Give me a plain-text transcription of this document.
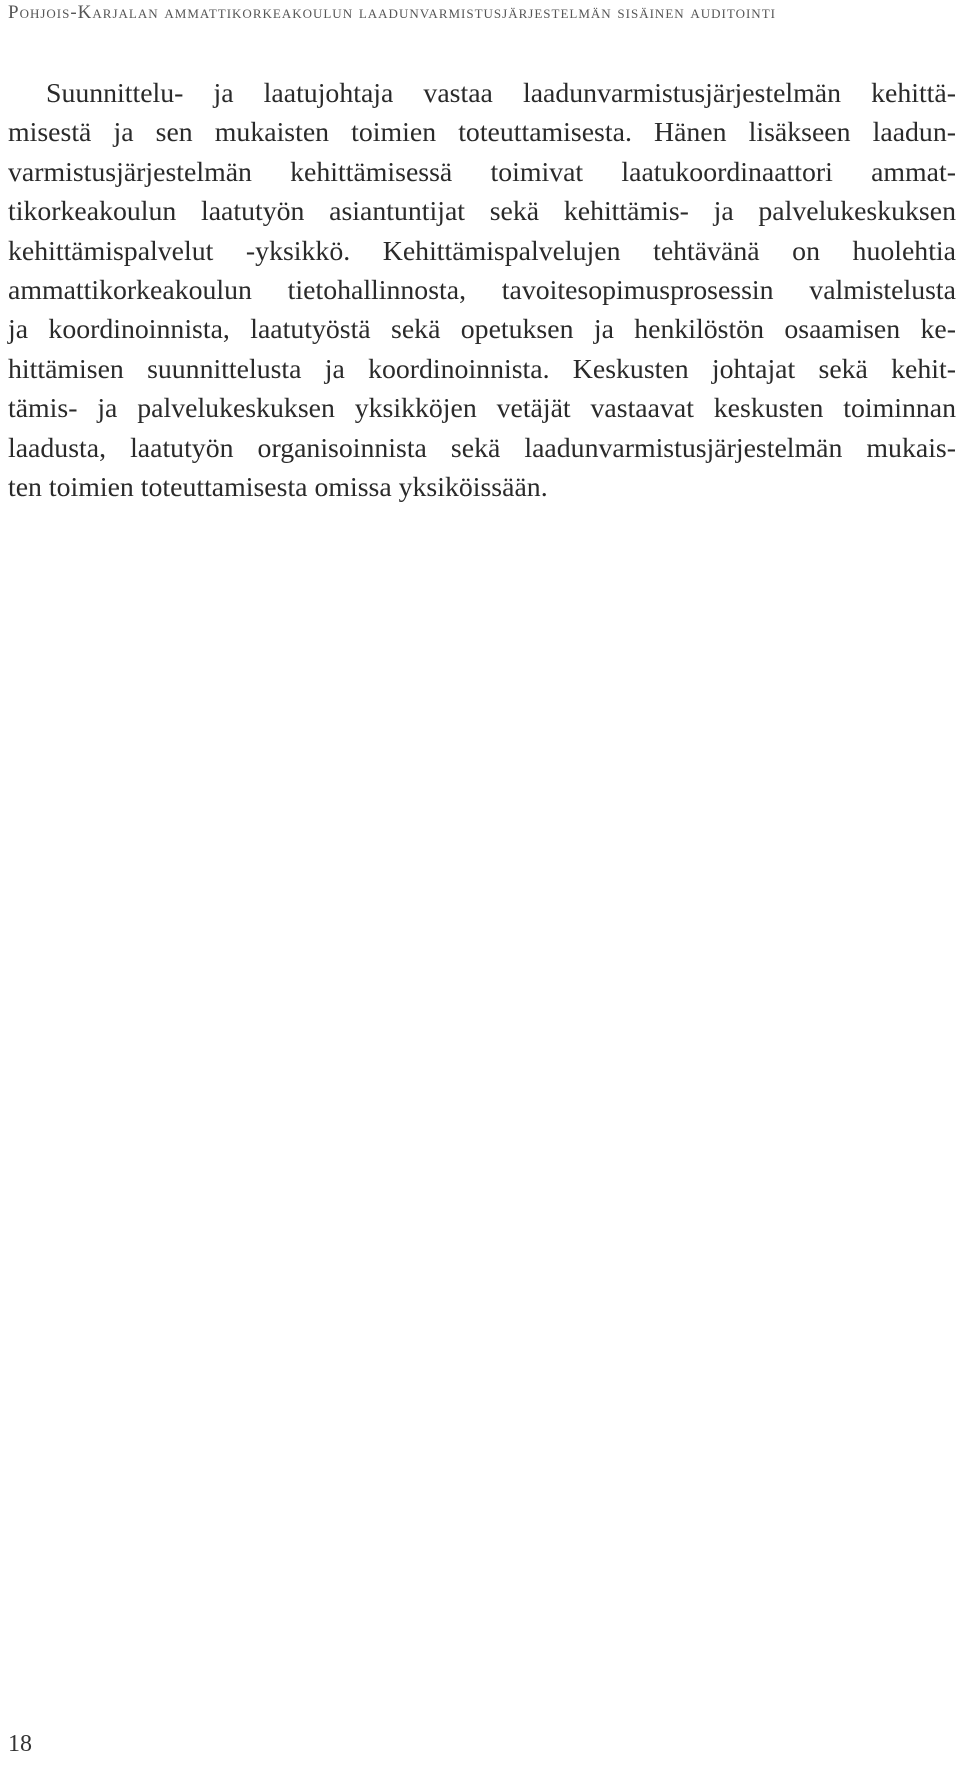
Pohjois-Karjalan ammattikorkeakoulun laadunvarmistusjärjestelmän sisäinen auditointi
Suunnittelu- ja laatujohtaja vastaa laadunvarmistusjärjestelmän kehittä-
misestä ja sen mukaisten toimien toteuttamisesta. Hänen lisäkseen laadun-
varmistusjärjestelmän kehittämisessä toimivat laatukoordinaattori ammat-
tikorkeakoulun laatutyön asiantuntijat sekä kehittämis- ja palvelukeskuksen
kehittämispalvelut -yksikkö. Kehittämispalvelujen tehtävänä on huolehtia
ammattikorkeakoulun tietohallinnosta, tavoitesopimusprosessin valmistelusta
ja koordinoinnista, laatutyöstä sekä opetuksen ja henkilöstön osaamisen ke-
hittämisen suunnittelusta ja koordinoinnista. Keskusten johtajat sekä kehit-
tämis- ja palvelukeskuksen yksikköjen vetäjät vastaavat keskusten toiminnan
laadusta, laatutyön organisoinnista sekä laadunvarmistusjärjestelmän mukais-
ten toimien toteuttamisesta omissa yksiköissään.
18
